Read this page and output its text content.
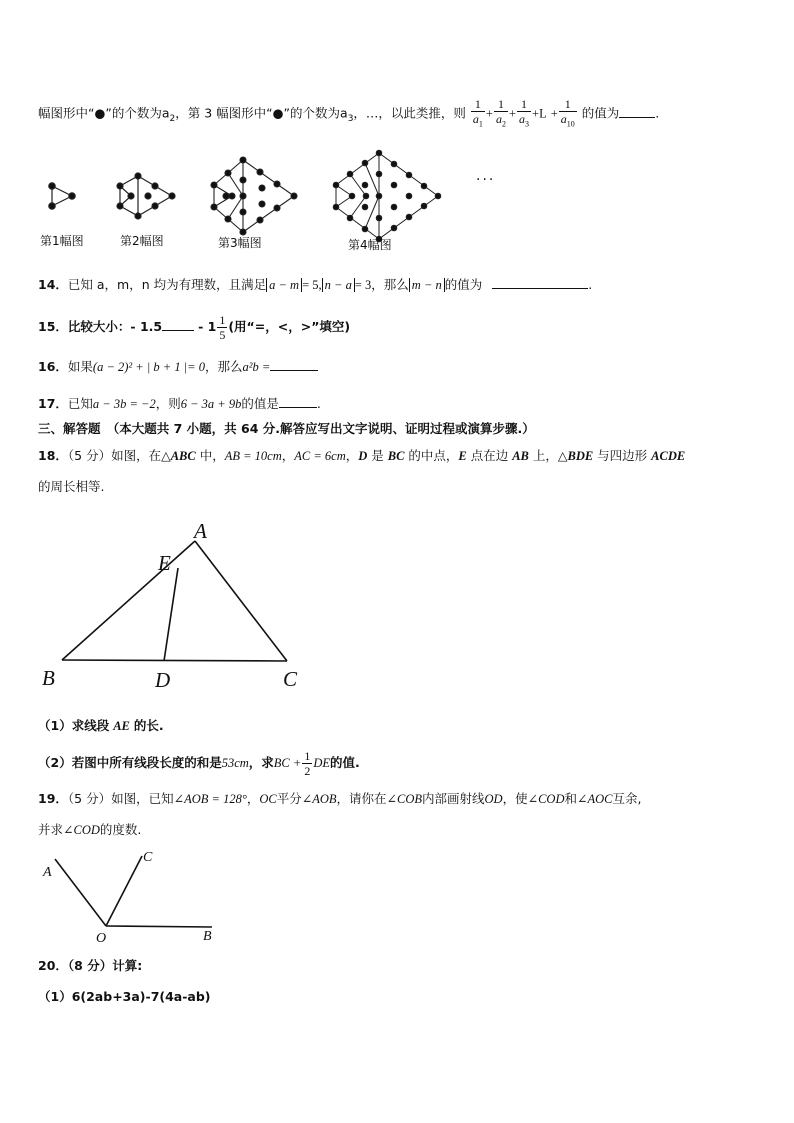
幅图形中“●”的个数为$a_2$，第 3 幅图形中“●”的个数为$a_3$，…，以此类推，则 $\frac{1}{a_1} + \frac{1}{a_2} + \frac{1}{a_3} +L + \frac{1}{a_{10}}$ 的值为	.
···
第1幅图	第2幅图	第3幅图	第4幅图
14．已知 a，m，n 均为有理数，且满足 a − m = 5, n − a = 3，那么 m − n 的值为	.
15．比较大小：- 1.5	- $1 \frac{1}{5}$ (用“=，<，>”填空)
16．如果(a − 2)² + | b + 1 |= 0，那么a²b =
17．已知a − 3b = −2，则6 − 3a + 9b的值是	.
三、解答题　（本大题共 7 小题，共 64 分.解答应写出文字说明、证明过程或演算步骤.）
18．（5 分）如图，在△ABC 中，AB = 10cm，AC = 6cm，D 是 BC 的中点，E 点在边 AB 上，△BDE 与四边形 ACDE
的周长相等.
A
E
B	D	C
（1）求线段 AE 的长.
（2）若图中所有线段长度的和是53cm，求BC + $\frac{1}{2}$ DE的值.
19．（5 分）如图，已知∠AOB = 128°，OC平分∠AOB，请你在∠COB内部画射线OD，使∠COD和∠AOC互余,
并求∠COD的度数.
A
C
O	B
20．（8 分）计算:
（1）6(2ab+3a)-7(4a-ab)
